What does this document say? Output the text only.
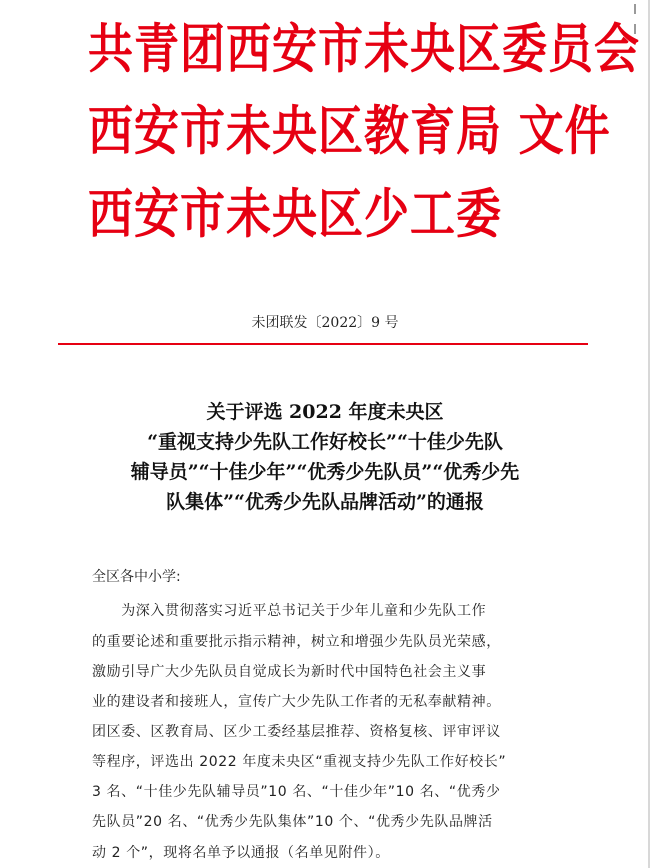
共青团西安市未央区委员会
西安市未央区教育局 文件
西安市未央区少工委
未团联发〔2022〕9 号
关于评选 2022 年度未央区
“重视支持少先队工作好校长”“十佳少先队
辅导员”“十佳少年”“优秀少先队员”“优秀少先
队集体”“优秀少先队品牌活动”的通报
全区各中小学:
　　为深入贯彻落实习近平总书记关于少年儿童和少先队工作
的重要论述和重要批示指示精神，树立和增强少先队员光荣感，
激励引导广大少先队员自觉成长为新时代中国特色社会主义事
业的建设者和接班人，宣传广大少先队工作者的无私奉献精神。
团区委、区教育局、区少工委经基层推荐、资格复核、评审评议
等程序，评选出 2022 年度未央区“重视支持少先队工作好校长”
3 名、“十佳少先队辅导员”10 名、“十佳少年”10 名、“优秀少
先队员”20 名、“优秀少先队集体”10 个、“优秀少先队品牌活
动 2 个”，现将名单予以通报（名单见附件）。
